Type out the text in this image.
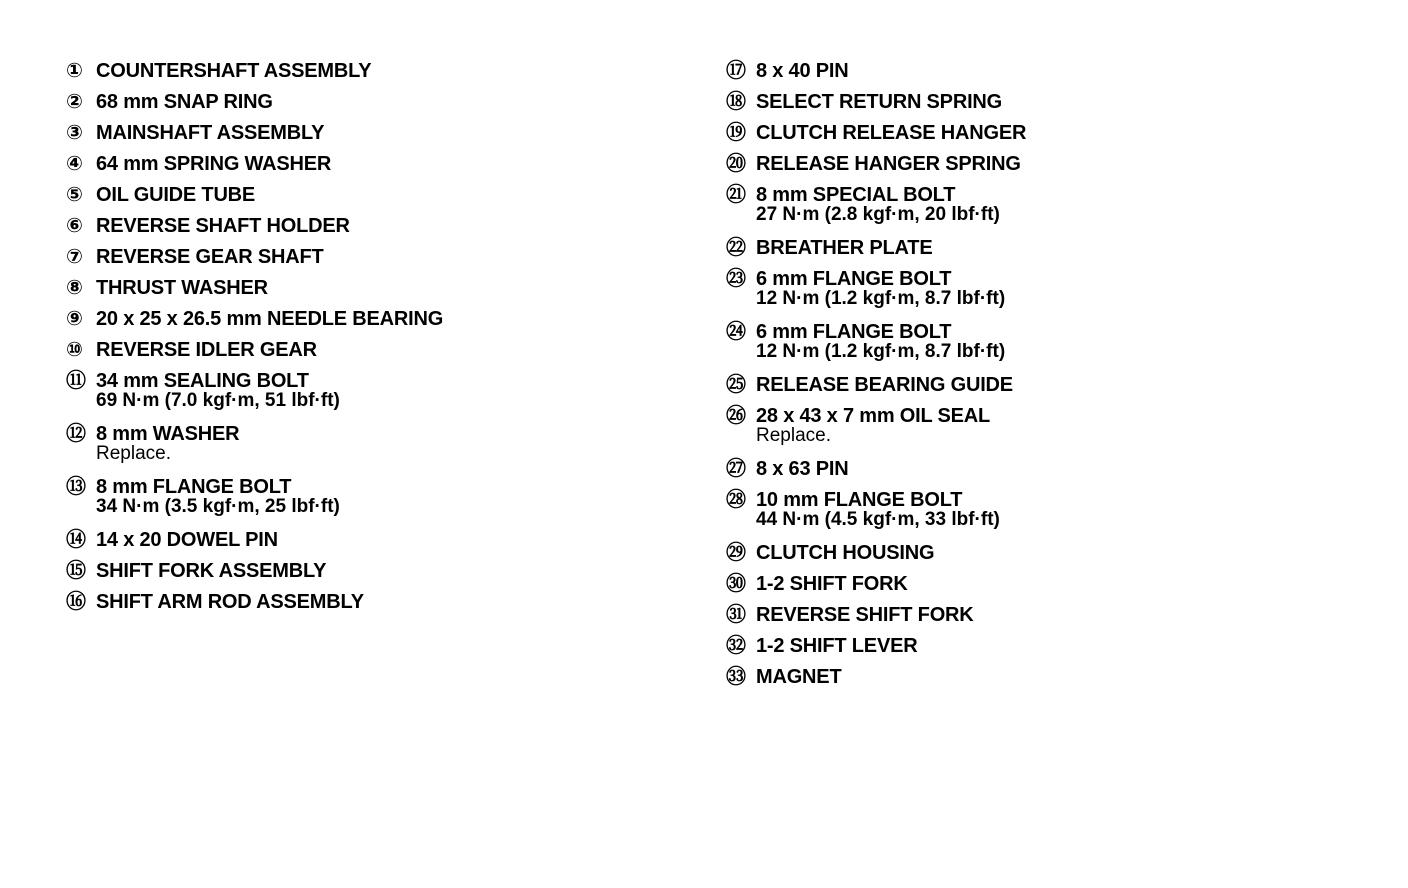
① COUNTERSHAFT ASSEMBLY
② 68 mm SNAP RING
③ MAINSHAFT ASSEMBLY
④ 64 mm SPRING WASHER
⑤ OIL GUIDE TUBE
⑥ REVERSE SHAFT HOLDER
⑦ REVERSE GEAR SHAFT
⑧ THRUST WASHER
⑨ 20 x 25 x 26.5 mm NEEDLE BEARING
⑩ REVERSE IDLER GEAR
⑪ 34 mm SEALING BOLT
69 N·m (7.0 kgf·m, 51 lbf·ft)
⑫ 8 mm WASHER
Replace.
⑬ 8 mm FLANGE BOLT
34 N·m (3.5 kgf·m, 25 lbf·ft)
⑭ 14 x 20 DOWEL PIN
⑮ SHIFT FORK ASSEMBLY
⑯ SHIFT ARM ROD ASSEMBLY
⑰ 8 x 40 PIN
⑱ SELECT RETURN SPRING
⑲ CLUTCH RELEASE HANGER
⑳ RELEASE HANGER SPRING
㉑ 8 mm SPECIAL BOLT
27 N·m (2.8 kgf·m, 20 lbf·ft)
㉒ BREATHER PLATE
㉓ 6 mm FLANGE BOLT
12 N·m (1.2 kgf·m, 8.7 lbf·ft)
㉔ 6 mm FLANGE BOLT
12 N·m (1.2 kgf·m, 8.7 lbf·ft)
㉕ RELEASE BEARING GUIDE
㉖ 28 x 43 x 7 mm OIL SEAL
Replace.
㉗ 8 x 63 PIN
㉘ 10 mm FLANGE BOLT
44 N·m (4.5 kgf·m, 33 lbf·ft)
㉙ CLUTCH HOUSING
㉚ 1-2 SHIFT FORK
㉛ REVERSE SHIFT FORK
㉜ 1-2 SHIFT LEVER
㉝ MAGNET
